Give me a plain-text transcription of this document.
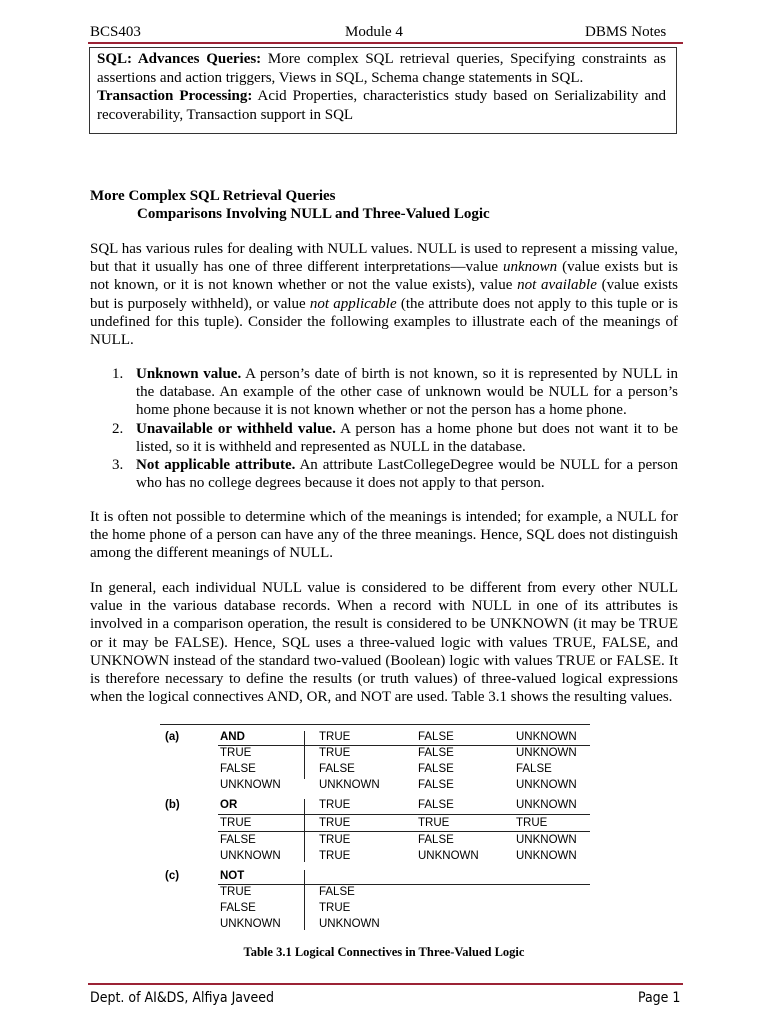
BCS403	Module 4	DBMS Notes

SQL: Advances Queries: More complex SQL retrieval queries, Specifying constraints as assertions and action triggers, Views in SQL, Schema change statements in SQL.

Transaction Processing: Acid Properties, characteristics study based on Serializability and recoverability, Transaction support in SQL

More Complex SQL Retrieval Queries
Comparisons Involving NULL and Three-Valued Logic

SQL has various rules for dealing with NULL values. NULL is used to represent a missing value, but that it usually has one of three different interpretations—value unknown (value exists but is not known, or it is not known whether or not the value exists), value not available (value exists but is purposely withheld), or value not applicable (the attribute does not apply to this tuple or is undefined for this tuple). Consider the following examples to illustrate each of the meanings of NULL.

1. Unknown value. A person’s date of birth is not known, so it is represented by NULL in the database. An example of the other case of unknown would be NULL for a person’s home phone because it is not known whether or not the person has a home phone.
2. Unavailable or withheld value. A person has a home phone but does not want it to be listed, so it is withheld and represented as NULL in the database.
3. Not applicable attribute. An attribute LastCollegeDegree would be NULL for a person who has no college degrees because it does not apply to that person.

It is often not possible to determine which of the meanings is intended; for example, a NULL for the home phone of a person can have any of the three meanings. Hence, SQL does not distinguish among the different meanings of NULL.

In general, each individual NULL value is considered to be different from every other NULL value in the various database records. When a record with NULL in one of its attributes is involved in a comparison operation, the result is considered to be UNKNOWN (it may be TRUE or it may be FALSE). Hence, SQL uses a three-valued logic with values TRUE, FALSE, and UNKNOWN instead of the standard two-valued (Boolean) logic with values TRUE or FALSE. It is therefore necessary to define the results (or truth values) of three-valued logical expressions when the logical connectives AND, OR, and NOT are used. Table 3.1 shows the resulting values.

(a)	AND	TRUE	FALSE	UNKNOWN
TRUE	TRUE	FALSE	UNKNOWN
FALSE	FALSE	FALSE	FALSE
UNKNOWN	UNKNOWN	FALSE	UNKNOWN
(b)	OR	TRUE	FALSE	UNKNOWN
TRUE	TRUE	TRUE	TRUE
FALSE	TRUE	FALSE	UNKNOWN
UNKNOWN	TRUE	UNKNOWN	UNKNOWN
(c)	NOT
TRUE	FALSE
FALSE	TRUE
UNKNOWN	UNKNOWN
Table 3.1 Logical Connectives in Three-Valued Logic
Dept. of AI&DS, Alfiya Javeed	Page 1
